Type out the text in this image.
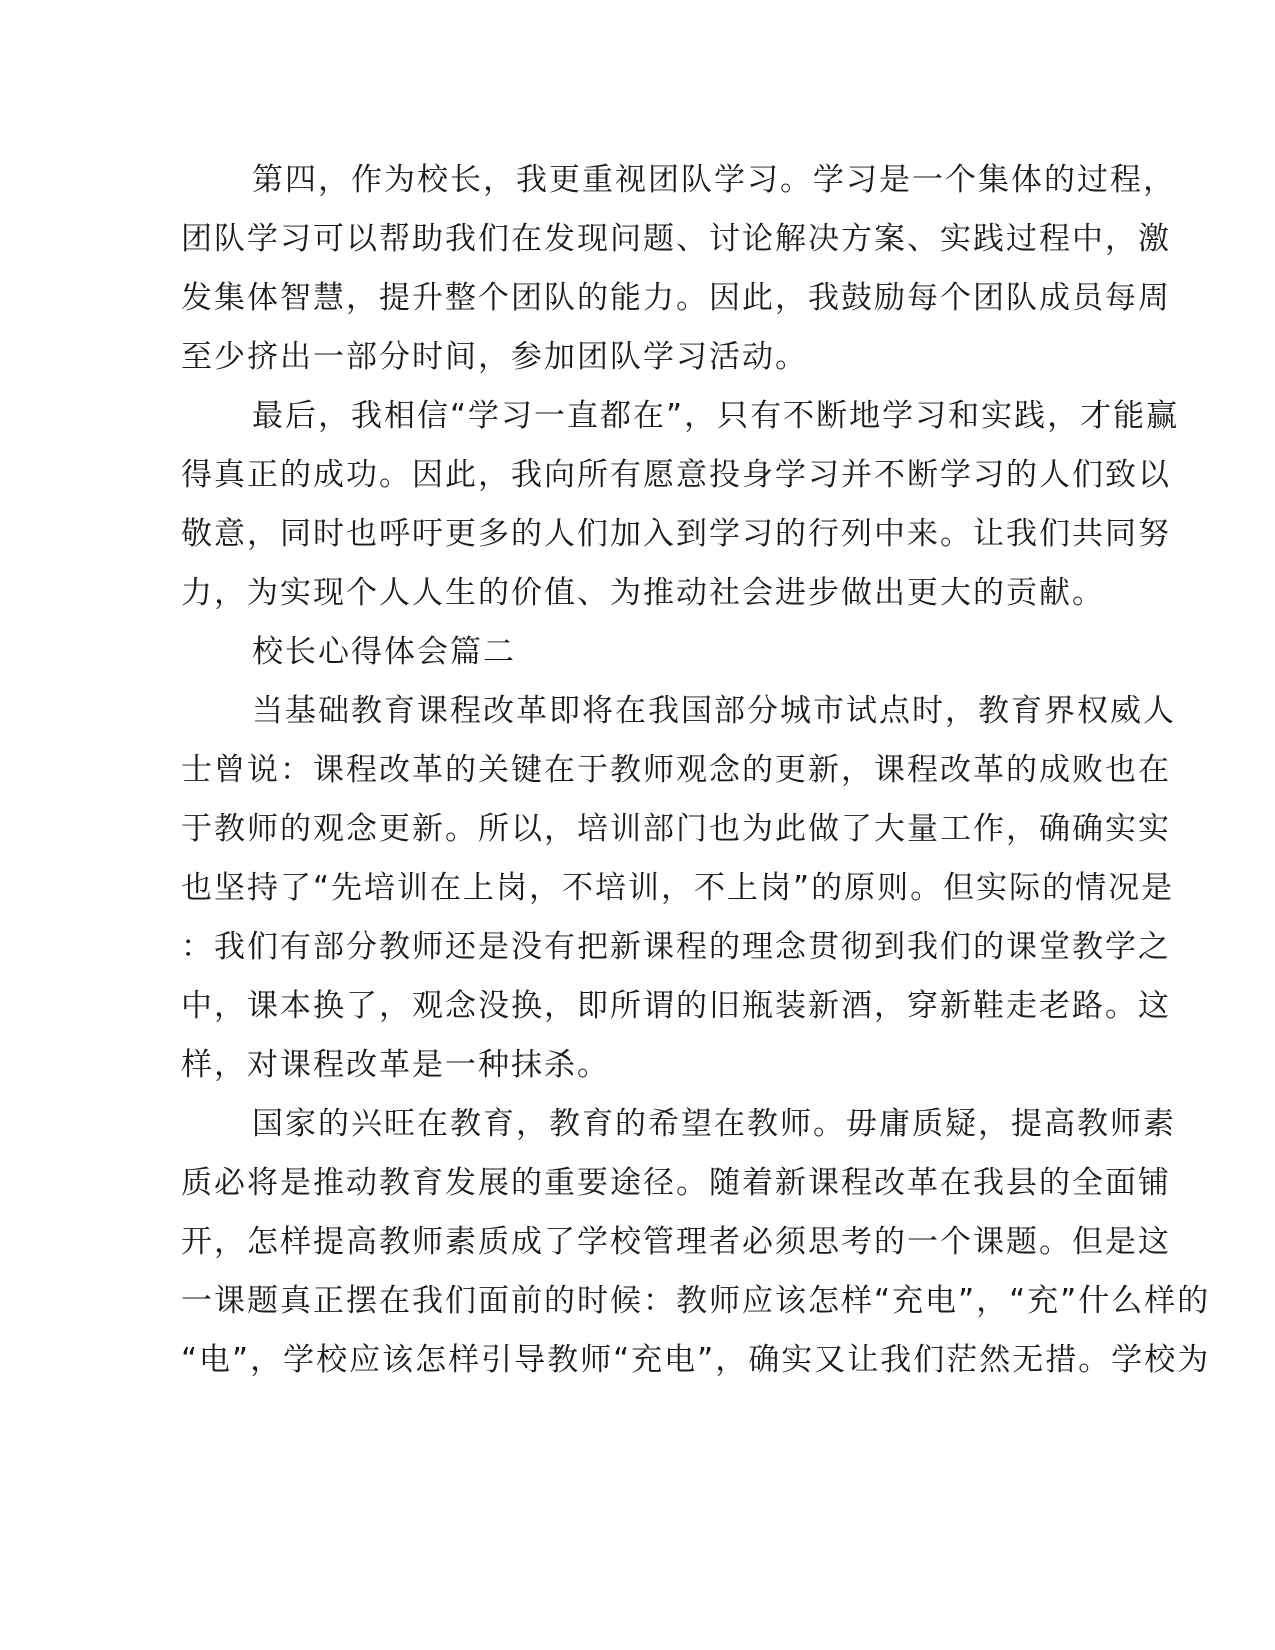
第四，作为校长，我更重视团队学习。学习是一个集体的过程，
团队学习可以帮助我们在发现问题、讨论解决方案、实践过程中，激
发集体智慧，提升整个团队的能力。因此，我鼓励每个团队成员每周
至少挤出一部分时间，参加团队学习活动。
最后，我相信“学习一直都在”，只有不断地学习和实践，才能赢
得真正的成功。因此，我向所有愿意投身学习并不断学习的人们致以
敬意，同时也呼吁更多的人们加入到学习的行列中来。让我们共同努
力，为实现个人人生的价值、为推动社会进步做出更大的贡献。
校长心得体会篇二
当基础教育课程改革即将在我国部分城市试点时，教育界权威人
士曾说：课程改革的关键在于教师观念的更新，课程改革的成败也在
于教师的观念更新。所以，培训部门也为此做了大量工作，确确实实
也坚持了“先培训在上岗，不培训，不上岗”的原则。但实际的情况是
：我们有部分教师还是没有把新课程的理念贯彻到我们的课堂教学之
中，课本换了，观念没换，即所谓的旧瓶装新酒，穿新鞋走老路。这
样，对课程改革是一种抹杀。
国家的兴旺在教育，教育的希望在教师。毋庸质疑，提高教师素
质必将是推动教育发展的重要途径。随着新课程改革在我县的全面铺
开，怎样提高教师素质成了学校管理者必须思考的一个课题。但是这
一课题真正摆在我们面前的时候：教师应该怎样“充电”，“充”什么样的
“电”，学校应该怎样引导教师“充电”，确实又让我们茫然无措。学校为
